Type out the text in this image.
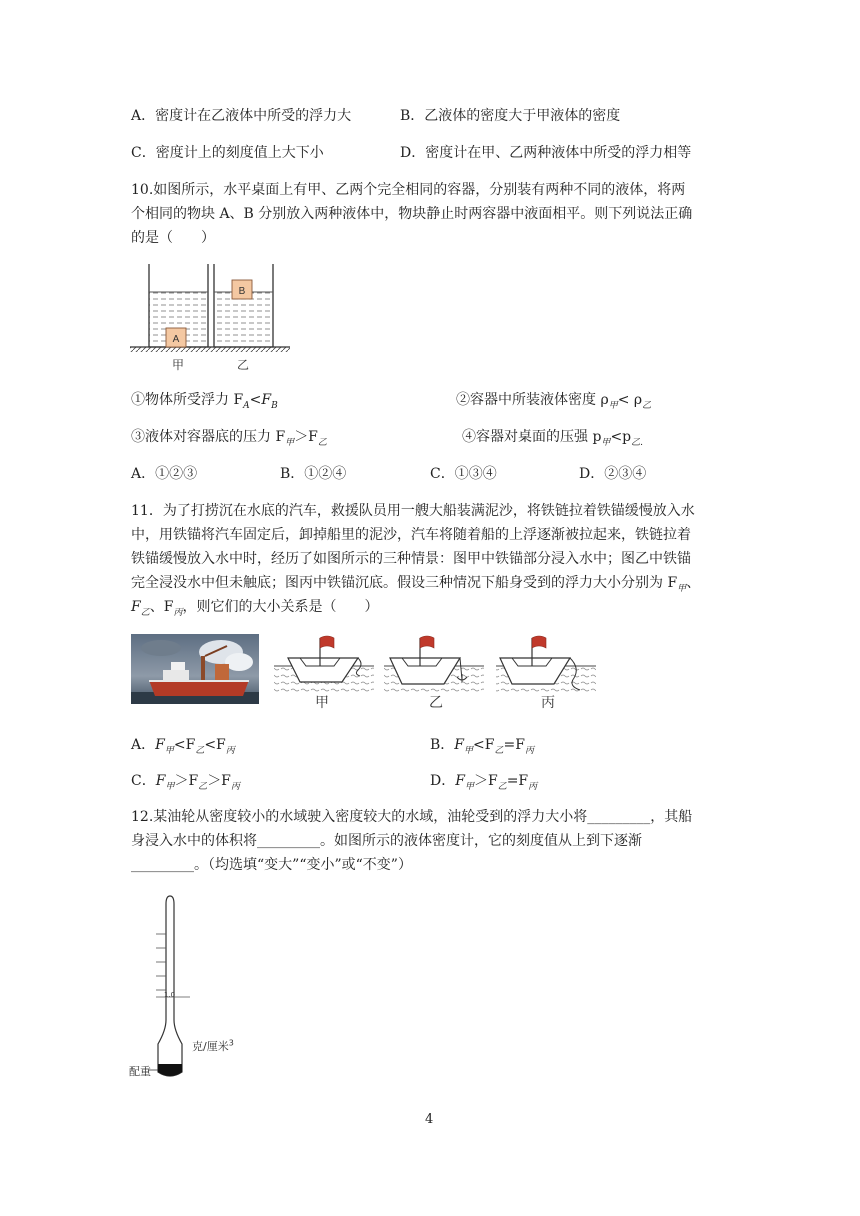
A．密度计在乙液体中所受的浮力大	B．乙液体的密度大于甲液体的密度
C．密度计上的刻度值上大下小	D．密度计在甲、乙两种液体中所受的浮力相等
10.如图所示，水平桌面上有甲、乙两个完全相同的容器，分别装有两种不同的液体，将两
个相同的物块 A、B 分别放入两种液体中，物块静止时两容器中液面相平。则下列说法正确
的是（　　）
A
B
甲	乙
①物体所受浮力 $F_A<F_B$	②容器中所装液体密度 $\rho_甲< \rho_乙$
③液体对容器底的压力 $F_甲>F_乙$	④容器对桌面的压强 $p_甲<p_{乙.}$
A．①②③	B．①②④	C．①③④	D．②③④
11．为了打捞沉在水底的汽车，救援队员用一艘大船装满泥沙，将铁链拉着铁锚缓慢放入水
中，用铁锚将汽车固定后，卸掉船里的泥沙，汽车将随着船的上浮逐渐被拉起来，铁链拉着
铁锚缓慢放入水中时，经历了如图所示的三种情景：图甲中铁锚部分浸入水中；图乙中铁锚
完全浸没水中但未触底；图丙中铁锚沉底。假设三种情况下船身受到的浮力大小分别为 $F_甲$、
$F_乙$、$F_丙$，则它们的大小关系是（　　）
甲	乙	丙
A．$F_甲<F_乙<F_丙$	B．$F_甲<F_乙=F_丙$
C．$F_甲>F_乙>F_丙$	D．$F_甲>F_乙=F_丙$
12.某油轮从密度较小的水域驶入密度较大的水域，油轮受到的浮力大小将_________，其船
身浸入水中的体积将_________。如图所示的液体密度计，它的刻度值从上到下逐渐
_________。（均选填“变大”“变小”或“不变”）
1.0
克/厘米$^3$
配重
4
